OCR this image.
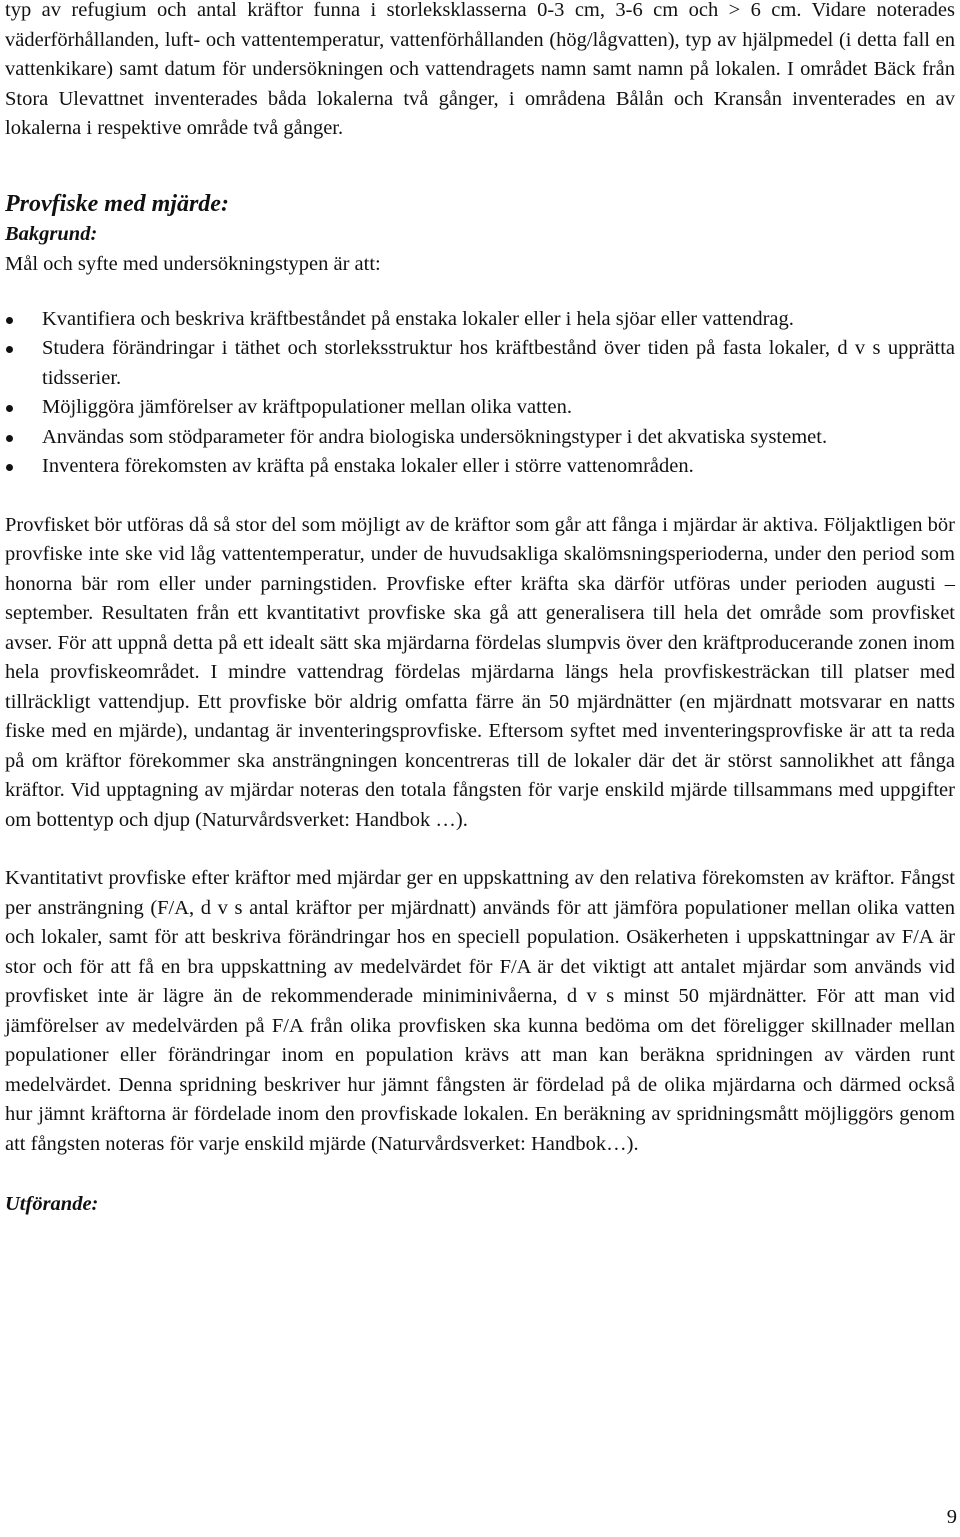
typ av refugium och antal kräftor funna i storleksklasserna 0-3 cm, 3-6 cm och > 6 cm. Vidare noterades väderförhållanden, luft- och vattentemperatur, vattenförhållanden (hög/lågvatten), typ av hjälpmedel (i detta fall en vattenkikare) samt datum för undersökningen och vattendragets namn samt namn på lokalen. I området Bäck från Stora Ulevattnet inventerades båda lokalerna två gånger, i områdena Bålån och Kransån inventerades en av lokalerna i respektive område två gånger.

Provfiske med mjärde:
Bakgrund:

Mål och syfte med undersökningstypen är att:

Kvantifiera och beskriva kräftbeståndet på enstaka lokaler eller i hela sjöar eller vattendrag.
Studera förändringar i täthet och storleksstruktur hos kräftbestånd över tiden på fasta lokaler, d v s upprätta tidsserier.
Möjliggöra jämförelser av kräftpopulationer mellan olika vatten.
Användas som stödparameter för andra biologiska undersökningstyper i det akvatiska systemet.
Inventera förekomsten av kräfta på enstaka lokaler eller i större vattenområden.

Provfisket bör utföras då så stor del som möjligt av de kräftor som går att fånga i mjärdar är aktiva. Följaktligen bör provfiske inte ske vid låg vattentemperatur, under de huvudsakliga skalömsningsperioderna, under den period som honorna bär rom eller under parningstiden. Provfiske efter kräfta ska därför utföras under perioden augusti – september. Resultaten från ett kvantitativt provfiske ska gå att generalisera till hela det område som provfisket avser. För att uppnå detta på ett idealt sätt ska mjärdarna fördelas slumpvis över den kräftproducerande zonen inom hela provfiskeområdet. I mindre vattendrag fördelas mjärdarna längs hela provfiskesträckan till platser med tillräckligt vattendjup. Ett provfiske bör aldrig omfatta färre än 50 mjärdnätter (en mjärdnatt motsvarar en natts fiske med en mjärde), undantag är inventeringsprovfiske. Eftersom syftet med inventeringsprovfiske är att ta reda på om kräftor förekommer ska ansträngningen koncentreras till de lokaler där det är störst sannolikhet att fånga kräftor. Vid upptagning av mjärdar noteras den totala fångsten för varje enskild mjärde tillsammans med uppgifter om bottentyp och djup (Naturvårdsverket: Handbok …).

Kvantitativt provfiske efter kräftor med mjärdar ger en uppskattning av den relativa förekomsten av kräftor. Fångst per ansträngning (F/A, d v s antal kräftor per mjärdnatt) används för att jämföra populationer mellan olika vatten och lokaler, samt för att beskriva förändringar hos en speciell population. Osäkerheten i uppskattningar av F/A är stor och för att få en bra uppskattning av medelvärdet för F/A är det viktigt att antalet mjärdar som används vid provfisket inte är lägre än de rekommenderade miniminivåerna, d v s minst 50 mjärdnätter. För att man vid jämförelser av medelvärden på F/A från olika provfisken ska kunna bedöma om det föreligger skillnader mellan populationer eller förändringar inom en population krävs att man kan beräkna spridningen av värden runt medelvärdet. Denna spridning beskriver hur jämnt fångsten är fördelad på de olika mjärdarna och därmed också hur jämnt kräftorna är fördelade inom den provfiskade lokalen. En beräkning av spridningsmått möjliggörs genom att fångsten noteras för varje enskild mjärde (Naturvårdsverket: Handbok…).

Utförande:
9
